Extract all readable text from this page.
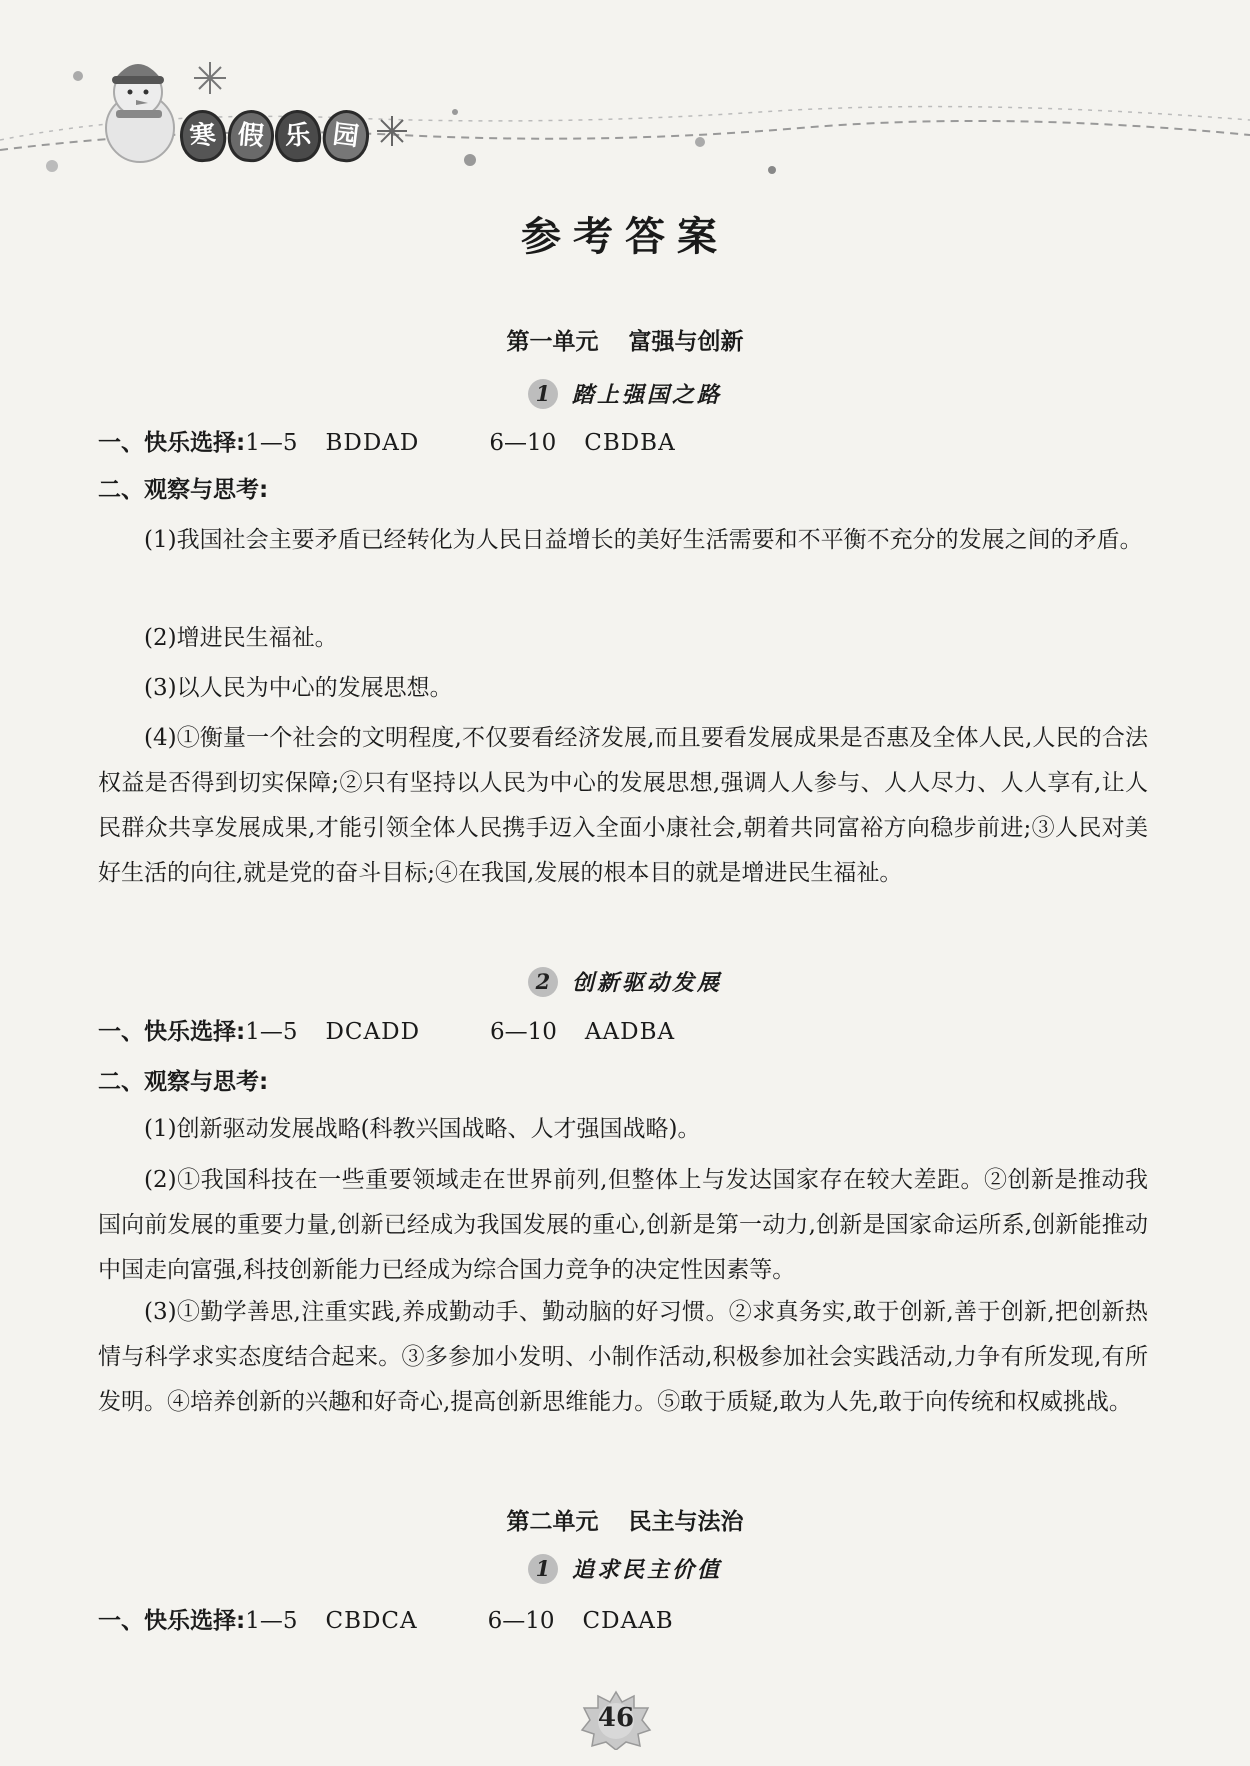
寒 假 乐 园
参考答案
第一单元 富强与创新
1 踏上强国之路
一、快乐选择:1—5 BDDAD	6—10 CBDBA
二、观察与思考:
(1)我国社会主要矛盾已经转化为人民日益增长的美好生活需要和不平衡不充分的发展之间的矛盾。
(2)增进民生福祉。
(3)以人民为中心的发展思想。
(4)①衡量一个社会的文明程度,不仅要看经济发展,而且要看发展成果是否惠及全体人民,人民的合法权益是否得到切实保障;②只有坚持以人民为中心的发展思想,强调人人参与、人人尽力、人人享有,让人民群众共享发展成果,才能引领全体人民携手迈入全面小康社会,朝着共同富裕方向稳步前进;③人民对美好生活的向往,就是党的奋斗目标;④在我国,发展的根本目的就是增进民生福祉。
2 创新驱动发展
一、快乐选择:1—5 DCADD	6—10 AADBA
二、观察与思考:
(1)创新驱动发展战略(科教兴国战略、人才强国战略)。
(2)①我国科技在一些重要领域走在世界前列,但整体上与发达国家存在较大差距。②创新是推动我国向前发展的重要力量,创新已经成为我国发展的重心,创新是第一动力,创新是国家命运所系,创新能推动中国走向富强,科技创新能力已经成为综合国力竞争的决定性因素等。
(3)①勤学善思,注重实践,养成勤动手、勤动脑的好习惯。②求真务实,敢于创新,善于创新,把创新热情与科学求实态度结合起来。③多参加小发明、小制作活动,积极参加社会实践活动,力争有所发现,有所发明。④培养创新的兴趣和好奇心,提高创新思维能力。⑤敢于质疑,敢为人先,敢于向传统和权威挑战。
第二单元 民主与法治
1 追求民主价值
一、快乐选择:1—5 CBDCA	6—10 CDAAB
46
